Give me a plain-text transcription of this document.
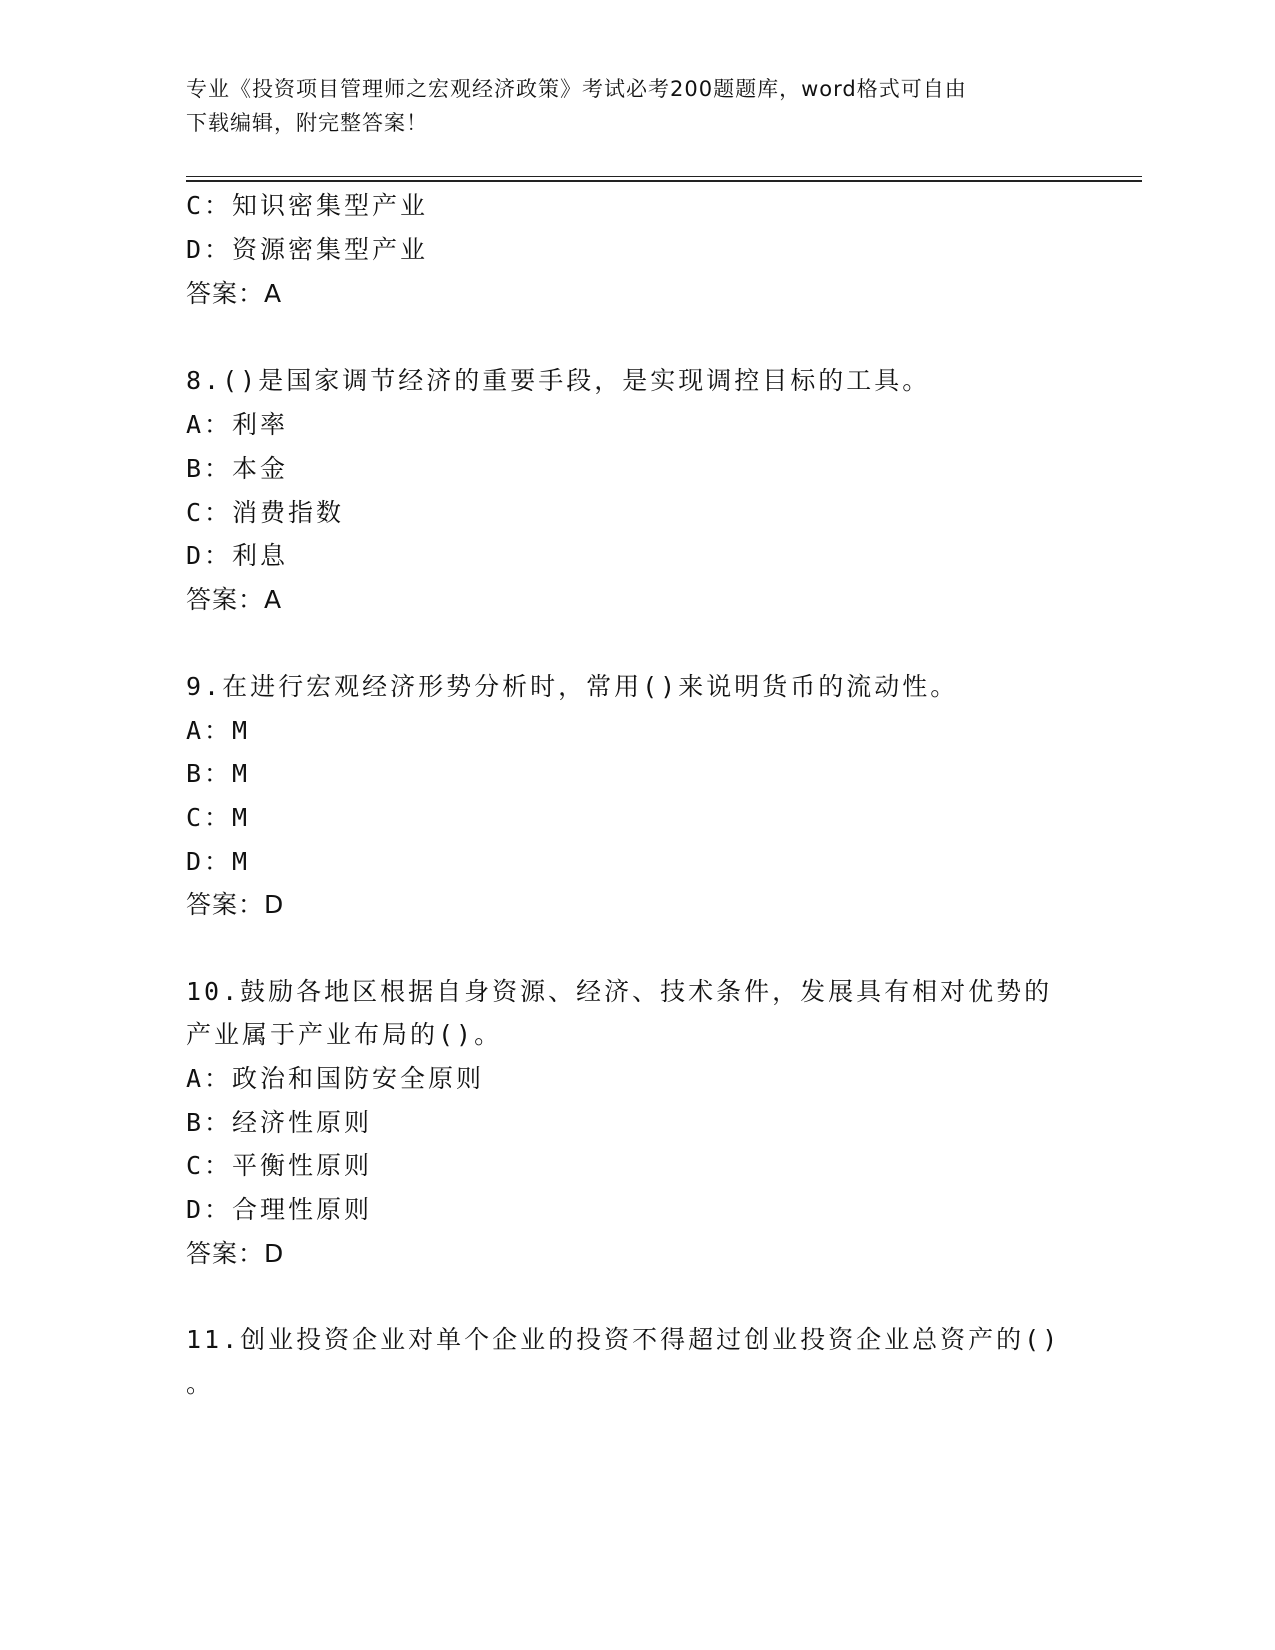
专业《投资项目管理师之宏观经济政策》考试必考200题题库，word格式可自由
下载编辑，附完整答案！
C：知识密集型产业
D：资源密集型产业
答案：A
8.()是国家调节经济的重要手段，是实现调控目标的工具。
A：利率
B：本金
C：消费指数
D：利息
答案：A
9.在进行宏观经济形势分析时，常用()来说明货币的流动性。
A：M
B：M
C：M
D：M
答案：D
10.鼓励各地区根据自身资源、经济、技术条件，发展具有相对优势的
产业属于产业布局的()。
A：政治和国防安全原则
B：经济性原则
C：平衡性原则
D：合理性原则
答案：D
11.创业投资企业对单个企业的投资不得超过创业投资企业总资产的()
。
